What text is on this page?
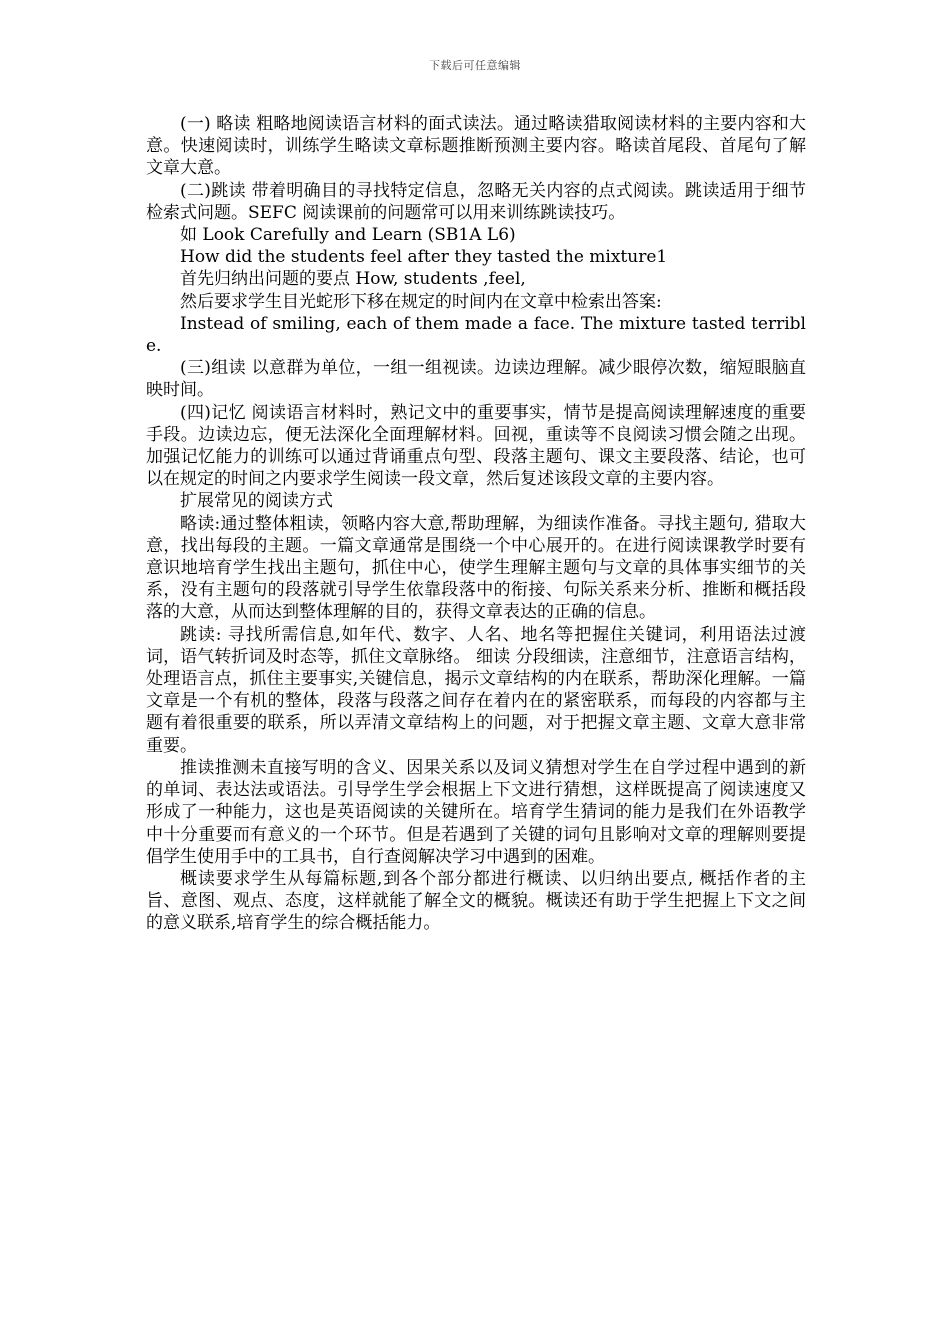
下载后可任意编辑

(一) 略读 粗略地阅读语言材料的面式读法。通过略读猎取阅读材料的主要内容和大意。快速阅读时，训练学生略读文章标题推断预测主要内容。略读首尾段、首尾句了解文章大意。

(二)跳读 带着明确目的寻找特定信息，忽略无关内容的点式阅读。跳读适用于细节检索式问题。SEFC 阅读课前的问题常可以用来训练跳读技巧。

如 Look Carefully and Learn (SB1A L6)

How did the students feel after they tasted the mixture1

首先归纳出问题的要点 How, students ,feel,

然后要求学生目光蛇形下移在规定的时间内在文章中检索出答案:

Instead of smiling, each of them made a face. The mixture tasted terrible.

(三)组读 以意群为单位，一组一组视读。边读边理解。减少眼停次数，缩短眼脑直映时间。

(四)记忆 阅读语言材料时，熟记文中的重要事实，情节是提高阅读理解速度的重要手段。边读边忘，便无法深化全面理解材料。回视，重读等不良阅读习惯会随之出现。加强记忆能力的训练可以通过背诵重点句型、段落主题句、课文主要段落、结论，也可以在规定的时间之内要求学生阅读一段文章，然后复述该段文章的主要内容。

扩展常见的阅读方式

略读:通过整体粗读，领略内容大意,帮助理解，为细读作准备。寻找主题句, 猎取大意，找出每段的主题。一篇文章通常是围绕一个中心展开的。在进行阅读课教学时要有意识地培育学生找出主题句，抓住中心，使学生理解主题句与文章的具体事实细节的关系，没有主题句的段落就引导学生依靠段落中的衔接、句际关系来分析、推断和概括段落的大意，从而达到整体理解的目的，获得文章表达的正确的信息。

跳读: 寻找所需信息,如年代、数字、人名、地名等把握住关键词，利用语法过渡词，语气转折词及时态等，抓住文章脉络。 细读 分段细读，注意细节，注意语言结构，处理语言点，抓住主要事实,关键信息，揭示文章结构的内在联系，帮助深化理解。一篇文章是一个有机的整体，段落与段落之间存在着内在的紧密联系，而每段的内容都与主题有着很重要的联系，所以弄清文章结构上的问题，对于把握文章主题、文章大意非常重要。

推读推测未直接写明的含义、因果关系以及词义猜想对学生在自学过程中遇到的新的单词、表达法或语法。引导学生学会根据上下文进行猜想，这样既提高了阅读速度又形成了一种能力，这也是英语阅读的关键所在。培育学生猜词的能力是我们在外语教学中十分重要而有意义的一个环节。但是若遇到了关键的词句且影响对文章的理解则要提倡学生使用手中的工具书，自行查阅解决学习中遇到的困难。

概读要求学生从每篇标题,到各个部分都进行概读、以归纳出要点, 概括作者的主旨、意图、观点、态度，这样就能了解全文的概貌。概读还有助于学生把握上下文之间的意义联系,培育学生的综合概括能力。
